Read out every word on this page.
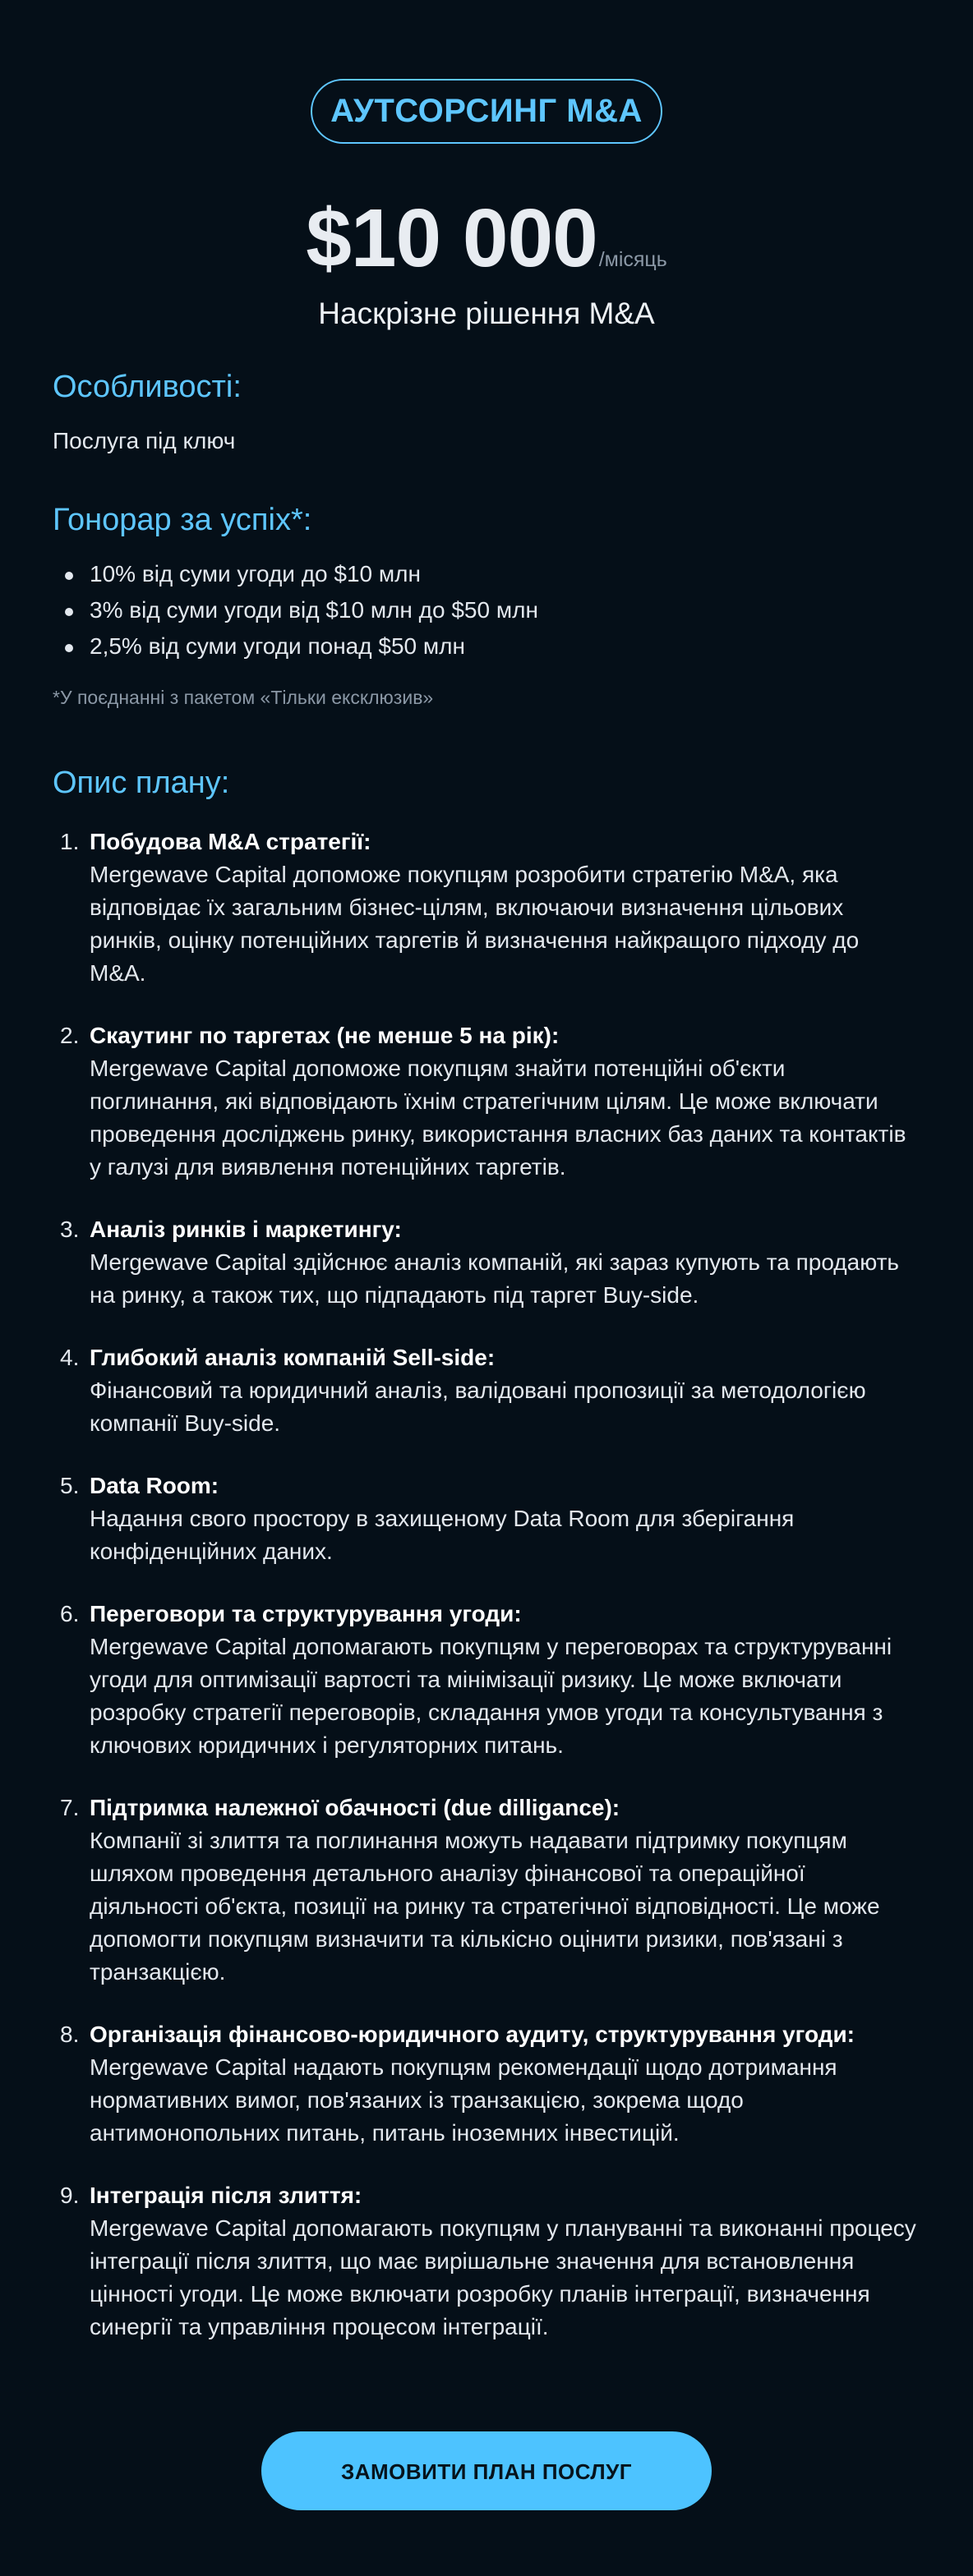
АУТСОРСИНГ M&A
$10 000/місяць
Наскрізне рішення M&A
Особливості:
Послуга під ключ
Гонорар за успіх*:
10% від суми угоди до $10 млн
3% від суми угоди від $10 млн до $50 млн
2,5% від суми угоди понад $50 млн
*У поєднанні з пакетом «Тільки ексклюзив»
Опис плану:
1. Побудова M&A стратегії:
Mergewave Capital допоможе покупцям розробити стратегію M&A, яка відповідає їх загальним бізнес-цілям, включаючи визначення цільових ринків, оцінку потенційних таргетів й визначення найкращого підходу до M&A.
2. Скаутинг по таргетах (не менше 5 на рік):
Mergewave Capital допоможе покупцям знайти потенційні об'єкти поглинання, які відповідають їхнім стратегічним цілям. Це може включати проведення досліджень ринку, використання власних баз даних та контактів у галузі для виявлення потенційних таргетів.
3. Аналіз ринків і маркетингу:
Mergewave Capital здійснює аналіз компаній, які зараз купують та продають на ринку, а також тих, що підпадають під таргет Buy-side.
4. Глибокий аналіз компаній Sell-side:
Фінансовий та юридичний аналіз, валідовані пропозиції за методологією компанії Buy-side.
5. Data Room:
Надання свого простору в захищеному Data Room для зберігання конфіденційних даних.
6. Переговори та структурування угоди:
Mergewave Capital допомагають покупцям у переговорах та структуруванні угоди для оптимізації вартості та мінімізації ризику. Це може включати розробку стратегії переговорів, складання умов угоди та консультування з ключових юридичних і регуляторних питань.
7. Підтримка належної обачності (due dilligance):
Компанії зі злиття та поглинання можуть надавати підтримку покупцям шляхом проведення детального аналізу фінансової та операційної діяльності об'єкта, позиції на ринку та стратегічної відповідності. Це може допомогти покупцям визначити та кількісно оцінити ризики, пов'язані з транзакцією.
8. Організація фінансово-юридичного аудиту, структурування угоди:
Mergewave Capital надають покупцям рекомендації щодо дотримання нормативних вимог, пов'язаних із транзакцією, зокрема щодо антимонопольних питань, питань іноземних інвестицій.
9. Інтеграція після злиття:
Mergewave Capital допомагають покупцям у плануванні та виконанні процесу інтеграції після злиття, що має вирішальне значення для встановлення цінності угоди. Це може включати розробку планів інтеграції, визначення синергії та управління процесом інтеграції.
ЗАМОВИТИ ПЛАН ПОСЛУГ
